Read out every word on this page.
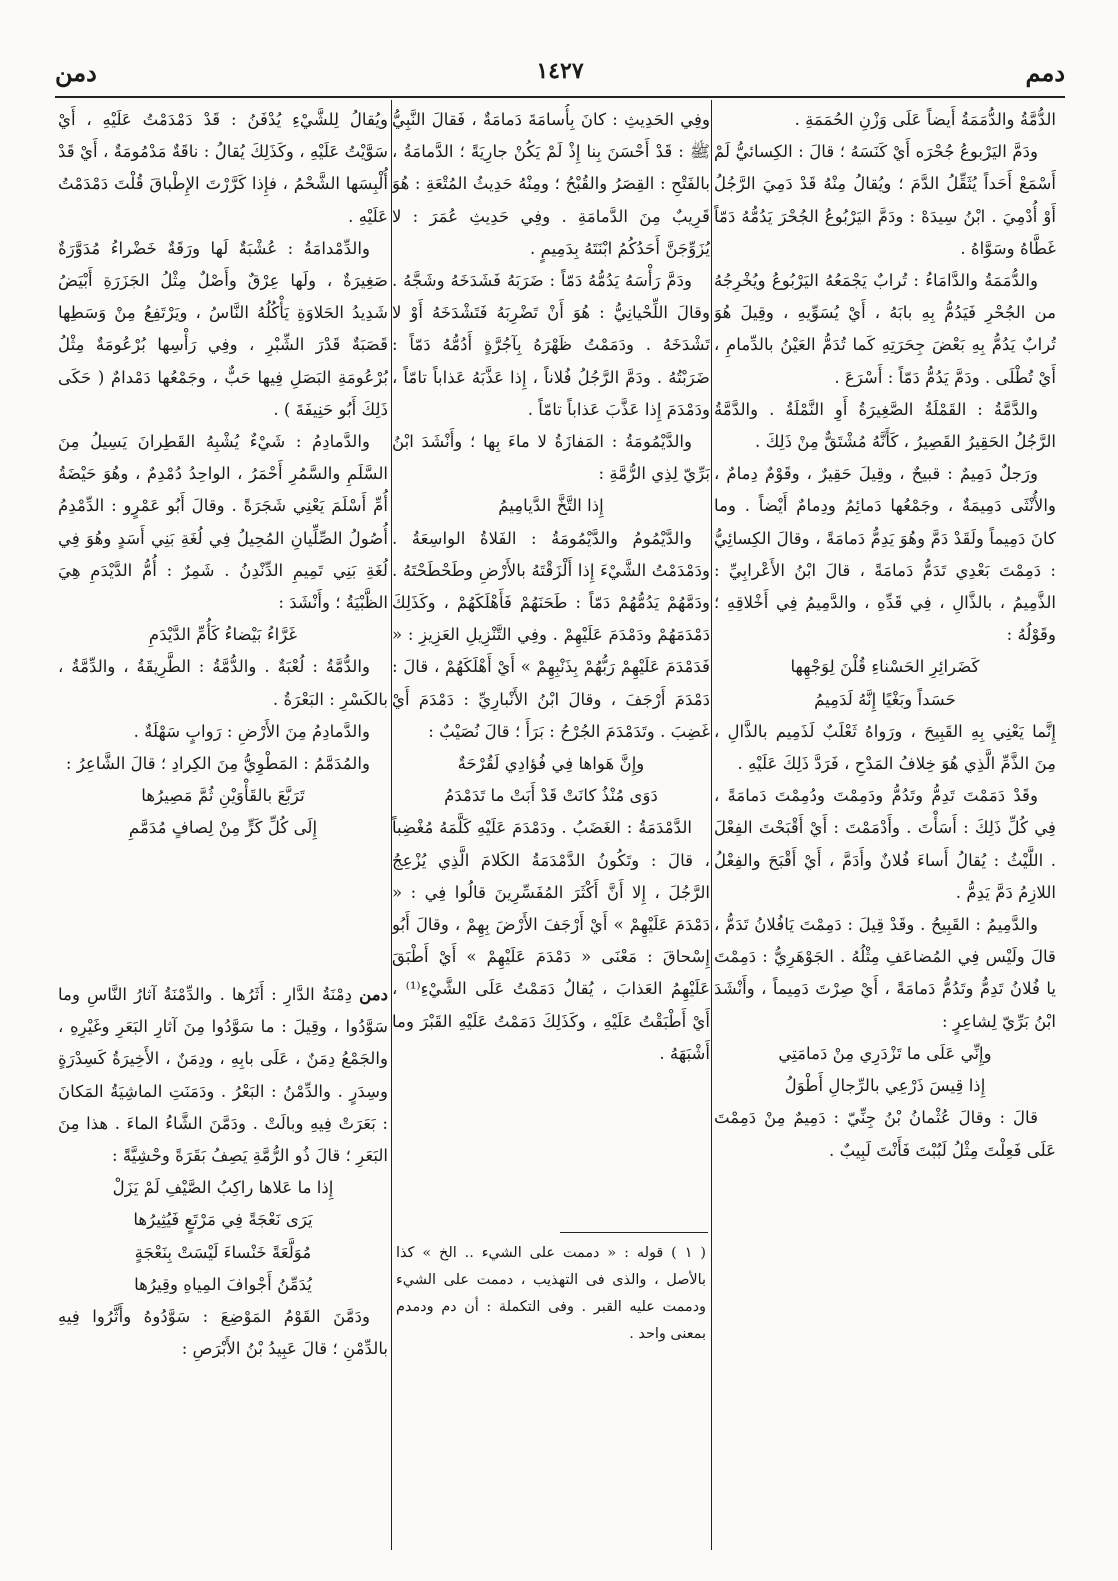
دمم
١٤٢٧
دمن

الدُّمَّةُ والدُّمَمَةُ أَيضاً عَلَى وَزْنِ الحُمَمَةِ .

ودَمَّ اليَرْبوعُ جُحْرَه أَيْ كَنَسَهُ ؛ قالَ : الكِسائيُّ لَمْ أَسْمَعْ أَحَداً يُثَقِّلُ الدَّمَ ؛ ويُقالُ مِنْهُ قَدْ دَمِيَ الرَّجُلُ أَوْ أُدْمِيَ . ابْنُ سِيدَهْ : ودَمَّ اليَرْبُوعُ الجُحْرَ يَدُمُّهُ دَمّاً غَطَّاهُ وسَوَّاهُ .

والدُّمَمَةُ والدَّامَاءُ : تُرابٌ يَجْمَعُهُ اليَرْبُوعُ ويُخْرِجُهُ من الجُحْرِ فَيَدُمُّ بِهِ بابَهُ ، أَيْ يُسَوِّيهِ ، وقِيلَ هُوَ تُرابٌ يَدُمُّ بِهِ بَعْضَ جِحَرَتِهِ كَما تُدَمُّ العَيْنُ بالدِّمامِ ، أَيْ تُطْلَى . ودَمَّ يَدُمُّ دَمّاً : أَسْرَعَ .

والدَّمَّةُ : القَمْلَةُ الصَّغِيرَةُ أَوِ النَّمْلَةُ . والدَّمَّةُ الرَّجُلُ الحَقِيرُ القَصِيرُ ، كَأَنَّهُ مُشْتَقٌّ مِنْ ذَلِكَ .

ورَجلٌ دَمِيمٌ : قبيحٌ ، وقِيلَ حَقِيرٌ ، وقَوْمٌ دِمامٌ ، والأُنْثَى دَمِيمَةٌ ، وجَمْعُها دَمائِمُ ودِمامٌ أَيْضاً . وما كانَ دَمِيماً ولَقَدْ دَمَّ وهُوَ يَدِمُّ دَمامَةً ، وقالَ الكِسائِيُّ : دَمِمْتَ بَعْدِي تَدَمُّ دَمامَةً ، قالَ ابْنُ الأَعْرابِيِّ : الذَّمِيمُ ، بالذَّالِ ، فِي قَدِّهِ ، والدَّمِيمُ فِي أَخْلاقِهِ ؛ وقَوْلُهُ :

كَضَرائِرِ الحَسْناءِ قُلْنَ لِوَجْهِها

حَسَداً وبَغْيًا إِنَّهُ لَدَمِيمُ

إِنَّما يَعْنِي بِهِ القَبِيحَ ، ورَواهُ ثَعْلَبٌ لَذَمِيم بالذَّالِ ، مِنَ الذَّمِّ الَّذِي هُوَ خِلافُ المَدْحِ ، فَرَدَّ ذَلِكَ عَلَيْهِ .

وقَدْ دَمَمْتَ تَدِمُّ وتَدُمُّ ودَمِمْتَ ودُمِمْتَ دَمامَةً ، فِي كُلِّ ذَلِكَ : أَسَأْتَ . وأَدْمَمْتَ : أَيْ أَقْبَحْتَ الفِعْلَ . اللَّيْثُ : يُقالُ أَساءَ فُلانٌ وأَدَمَّ ، أَيْ أَقْبَحَ والفِعْلُ اللازِمُ دَمَّ يَدِمُّ .

والدَّمِيمُ : القَبِيحُ . وقَدْ قِيلَ : دَمِمْتَ يَافُلانُ تَدَمُّ ، قالَ ولَيْس فِي المُضاعَفِ مِثْلُهُ . الجَوْهَرِيُّ : دَمِمْتَ يا فُلانُ تَدِمُّ وتَدُمُّ دَمامَةً ، أَيْ صِرْتَ دَمِيماً ، وأَنْشَدَ ابْنُ بَرِّيّ لِشاعِرٍ :

وإِنِّي عَلَى ما تَزْدَرِي مِنْ دَمامَتِي

إِذا قِيسَ ذَرْعِي بالرِّجالِ أَطْوَلُ

قالَ : وقالَ عُثْمانُ بْنُ جِنِّيّ : دَمِيمٌ مِنْ دَمِمْتَ عَلَى فَعِلْتَ مِثْلُ لَبُبْتَ فَأَنْتَ لَبِيبٌ .

وفِي الحَدِيثِ : كانَ بِأُسامَةَ دَمامَةٌ ، فَقالَ النَّبِيُّ ﷺ : قَدْ أَحْسَنَ بِنا إِذْ لَمْ يَكُنْ جارِيَةً ؛ الدَّمامَةُ ، بالفَتْحِ : القِصَرُ والقُبْحُ ؛ ومِنْهُ حَدِيثُ المُتْعَةِ : هُوَ قَرِيبٌ مِنَ الدَّمامَةِ . وفِي حَدِيثِ عُمَرَ : لا يُزَوِّجَنَّ أَحَدُكُمُ ابْنَتَهُ بِدَمِيمٍ .

ودَمَّ رَأْسَهُ يَدُمُّهُ دَمّاً : ضَرَبَهُ فَشَدَخَهُ وشَجَّهُ . وقالَ اللِّحْيانِيُّ : هُوَ أَنْ تَضْرِبَهُ فَتَشْدَخَهُ أَوْ لا تَشْدَخَهُ . ودَمَمْتُ ظَهْرَهُ بِآجُرَّةٍ أَدُمُّهُ دَمّاً : ضَرَبْتُهُ . ودَمَّ الرَّجُلُ فُلاناً ، إِذا عَذَّبَهُ عَذاباً تامّاً ، ودَمْدَمَ إِذا عَذَّبَ عَذاباً تامّاً .

والدَّيْمُومَةُ : المَفازَةُ لا ماءَ بِها ؛ وأَنْشَدَ ابْنُ بَرِّيّ لِذِي الرُّمَّةِ :

إِذا التَّخَّ الدَّيامِيمُ

والدَّيْمُومُ والدَّيْمُومَةُ : الفَلاةُ الواسِعَةُ . ودَمْدَمْتُ الشَّيْءَ إِذا أَلْزَقْتَهُ بالأَرْضِ وطَحْطَحْتَهُ . ودَمَّهُمْ يَدُمُّهُمْ دَمّاً : طَحَنَهُمْ فَأَهْلَكَهُمْ ، وكَذَلِكَ دَمْدَمَهُمْ ودَمْدَمَ عَلَيْهِمْ . وفِي التَّنْزِيلِ العَزِيزِ : « فَدَمْدَمَ عَلَيْهِمْ رَبُّهُمْ بِذَنْبِهِمْ » أَيْ أَهْلَكَهُمْ ، قالَ : دَمْدَمَ أَرْجَفَ ، وقالَ ابْنُ الأَنْبارِيِّ : دَمْدَمَ أَيْ غَضِبَ . وتَدَمْدَمَ الجُرْحُ : بَرَأَ ؛ قالَ نُصَيْبٌ :

وإِنَّ هَواها فِي فُؤادِي لَقُرْحَةٌ

دَوَى مُنْذُ كانَتْ قَدْ أَبَتْ ما تَدَمْدَمُ

الدَّمْدَمَةُ : الغَضَبُ . ودَمْدَمَ عَلَيْهِ كَلَّمَهُ مُغْضِباً ، قالَ : وتَكُونُ الدَّمْدَمَةُ الكَلامَ الَّذِي يُزْعِجُ الرَّجُلَ ، إِلا أَنَّ أَكْثَرَ المُفَسِّرِينَ قالُوا فِي : « دَمْدَمَ عَلَيْهِمْ » أَيْ أَرْجَفَ الأَرْضَ بِهِمْ ، وقالَ أَبُو إِسْحاقَ : مَعْنَى « دَمْدَمَ عَلَيْهِمْ » أَيْ أَطْبَقَ عَلَيْهِمُ العَذابَ ، يُقالُ دَمَمْتُ عَلَى الشَّيْءِ⁽¹⁾ ، أَيْ أَطْبَقْتُ عَلَيْهِ ، وكَذَلِكَ دَمَمْتُ عَلَيْهِ القَبْرَ وما أَشْبَهَهُ .

( ١ ) قوله : « دممت على الشيء .. الخ » كذا بالأصل ، والذى فى التهذيب ، دممت على الشيء ودممت عليه القبر . وفى التكملة : أن دم ودمدم بمعنى واحد .

ويُقالُ لِلشَّيْءِ يُدْفَنُ : قَدْ دَمْدَمْتُ عَلَيْهِ ، أَيْ سَوَّيْتُ عَلَيْهِ ، وكَذَلِكَ يُقالُ : ناقَةٌ مَدْمُومَةٌ ، أَيْ قَدْ أُلْبِسَها الشَّحْمُ ، فإِذا كَرَّرْتَ الإِطْباقَ قُلْتَ دَمْدَمْتُ عَلَيْهِ .

والدِّمْدامَةُ : عُشْبَةٌ لَها ورَقَةٌ خَضْراءُ مُدَوَّرَةٌ صَغِيرَةٌ ، ولَها عِرْقٌ وأَصْلٌ مِثْلُ الجَزَرَةِ أَبْيَضُ شَدِيدُ الحَلاوَةِ يَأْكُلُهُ النَّاسُ ، ويَرْتَفِعُ مِنْ وَسَطِها قَصَبَةٌ قَدْرَ الشِّبْرِ ، وفِي رَأْسِها بُرْعُومَةٌ مِثْلُ بُرْعُومَةِ البَصَلِ فِيها حَبٌّ ، وجَمْعُها دَمْدامٌ ( حَكَى ذَلِكَ أَبُو حَنِيفَةَ ) .

والدَّمادِمُ : شَيْءٌ يُشْبِهُ القَطِرانَ يَسِيلُ مِنَ السَّلَمِ والسَّمُرِ أَحْمَرُ ، الواحِدُ دُمْدِمٌ ، وهُوَ حَيْضَةُ أُمِّ أَسْلَمَ يَعْنِي شَجَرَةً . وقالَ أَبُو عَمْرٍو : الدِّمْدِمُ أُصُولُ الصِّلِّيانِ المُحِيلُ فِي لُغَةِ بَنِي أَسَدٍ وهُوَ فِي لُغَةِ بَنِي تَمِيمِ الدِّنْدِنُ . شَمِرٌ : أُمُّ الدَّيْدَمِ هِيَ الظَّبْيَةُ ؛ وأَنْشَدَ :

غَرَّاءُ بَيْضاءُ كَأُمِّ الدَّيْدَمِ

والدُّمَّةُ : لُعْبَةٌ . والدُّمَّةُ : الطَّرِيقَةُ ، والدِّمَّةُ ، بالكَسْرِ : البَعْرَةُ .

والدَّمادِمُ مِنَ الأَرْضِ : رَوابٍ سَهْلَةٌ .

والمُدَمَّمُ : المَطْوِيُّ مِنَ الكِرادِ ؛ قالَ الشَّاعِرُ :

تَرَبَّعَ بالقَأْوَيْنِ ثُمَّ مَصِيرُها

إِلَى كُلِّ كَرٍّ مِنْ لِصافٍ مُدَمَّمِ

دمن دِمْنَةُ الدَّارِ : أَثَرُها . والدِّمْنَةُ آثارُ النَّاسِ وما سَوَّدُوا ، وقِيلَ : ما سَوَّدُوا مِنَ آثارِ البَعَرِ وغَيْرِهِ ، والجَمْعُ دِمَنٌ ، عَلَى بابِهِ ، ودِمَنٌ ، الأَخِيرَةُ كَسِدْرَةٍ وسِدَرٍ . والدِّمْنُ : البَعْرُ . ودَمَنَتِ الماشِيَةُ المَكانَ : بَعَرَتْ فِيهِ وبالَتْ . ودَمَّنَ الشَّاءُ الماءَ . هذا مِنَ البَعَرِ ؛ قالَ ذُو الرُّمَّةِ يَصِفُ بَقَرَةً وحْشِيَّةً :

إِذا ما عَلاها راكِبُ الصَّيْفِ لَمْ يَزَلْ

يَرَى نَعْجَةً فِي مَرْتَعٍ فَيُثِيرُها

مُوَلَّعَةً خَنْساءَ لَيْسَتْ بِنَعْجَةٍ

يُدَمِّنُ أَجْوافَ المِياهِ وقِيرُها

ودَمَّنَ القَوْمُ المَوْضِعَ : سَوَّدُوهُ وأَثَّرُوا فِيهِ بالدِّمْنِ ؛ قالَ عَبِيدُ بْنُ الأَبْرَصِ :
